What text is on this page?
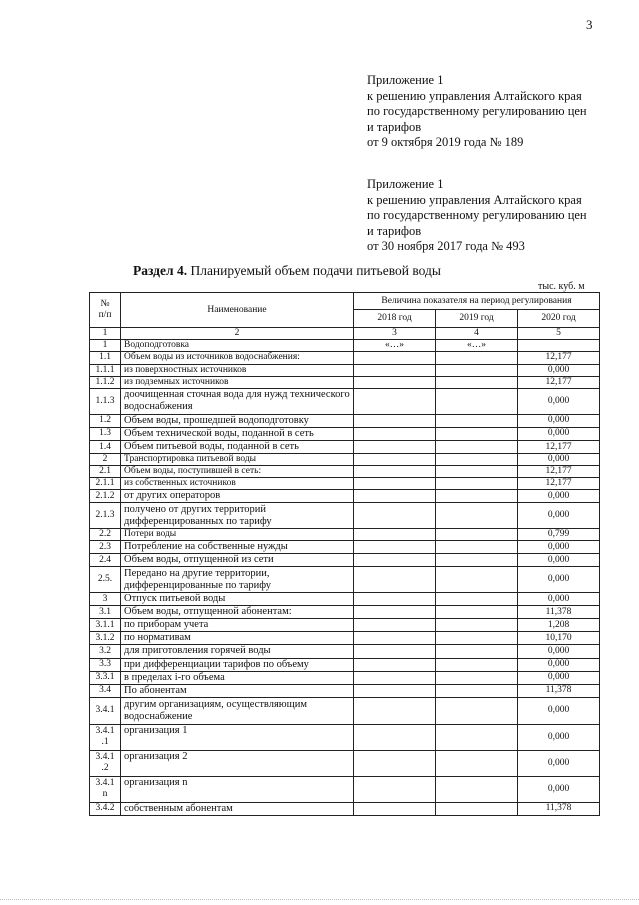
3
Приложение 1
к решению управления Алтайского края
по государственному регулированию цен
и тарифов
от 9 октября 2019 года № 189
Приложение 1
к решению управления Алтайского края
по государственному регулированию цен
и тарифов
от 30 ноября 2017 года № 493
Раздел 4. Планируемый объем подачи питьевой воды
тыс. куб. м
№
п/п	Наименование	Величина показателя на период регулирования		
		2018 год	2019 год	2020 год
1	2	3	4	5
1	Водоподготовка	«…»	«…»	
1.1	Объем воды из источников водоснабжения:			12,177
1.1.1	из поверхностных источников			0,000
1.1.2	из подземных источников			12,177
1.1.3	доочищенная сточная вода для нужд технического водоснабжения			0,000
1.2	Объем воды, прошедшей водоподготовку			0,000
1.3	Объем технической воды, поданной в сеть			0,000
1.4	Объем питьевой воды, поданной в сеть			12,177
2	Транспортировка питьевой воды			0,000
2.1	Объем воды, поступившей в сеть:			12,177
2.1.1	из собственных источников			12,177
2.1.2	от других операторов			0,000
2.1.3	получено от других территорий дифференцированных по тарифу			0,000
2.2	Потери воды			0,799
2.3	Потребление на собственные нужды			0,000
2.4	Объем воды, отпущенной из сети			0,000
2.5.	Передано на другие территории, дифференцированные по тарифу			0,000
3	Отпуск питьевой воды			0,000
3.1	Объем воды, отпущенной абонентам:			11,378
3.1.1	по приборам учета			1,208
3.1.2	по нормативам			10,170
3.2	для приготовления горячей воды			0,000
3.3	при дифференциации тарифов по объему			0,000
3.3.1	в пределах i-го объема			0,000
3.4	По абонентам			11,378
3.4.1	другим организациям, осуществляющим водоснабжение			0,000
3.4.1
.1	организация 1			0,000
3.4.1
.2	организация 2			0,000
3.4.1
n	организация n			0,000
3.4.2	собственным абонентам			11,378
